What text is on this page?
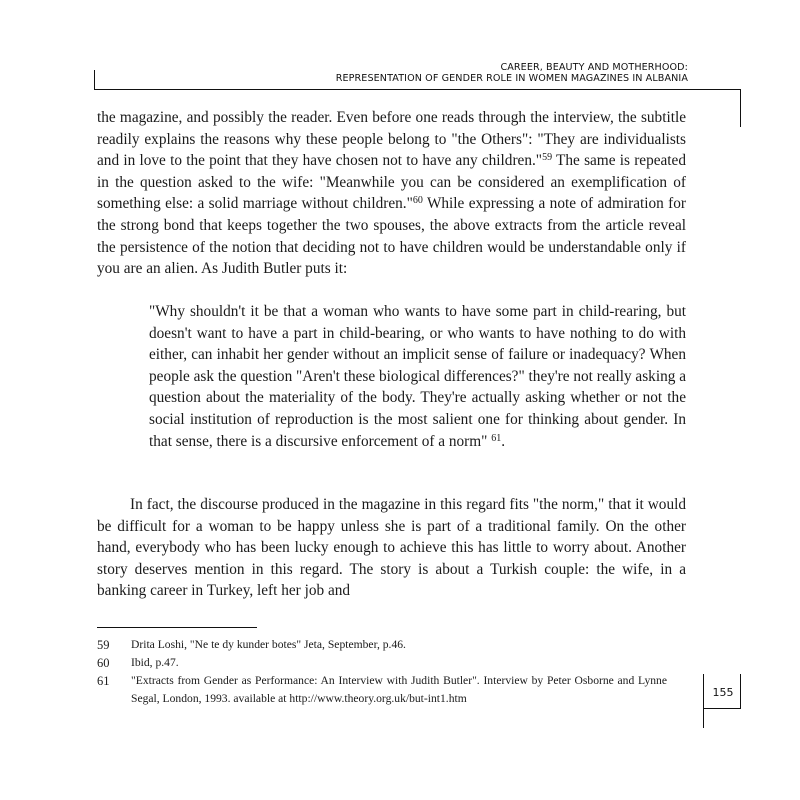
CAREER, BEAUTY AND MOTHERHOOD:
REPRESENTATION OF GENDER ROLE IN WOMEN MAGAZINES IN ALBANIA

the magazine, and possibly the reader. Even before one reads through the interview, the subtitle readily explains the reasons why these people belong to "the Others": "They are individualists and in love to the point that they have chosen not to have any children."$^{59}$ The same is repeated in the question asked to the wife: "Meanwhile you can be considered an exemplification of something else: a solid marriage without children."$^{60}$ While expressing a note of admiration for the strong bond that keeps together the two spouses, the above extracts from the article reveal the persistence of the notion that deciding not to have children would be understandable only if you are an alien. As Judith Butler puts it:

"Why shouldn't it be that a woman who wants to have some part in child-rearing, but doesn't want to have a part in child-bearing, or who wants to have nothing to do with either, can inhabit her gender without an implicit sense of failure or inadequacy? When people ask the question "Aren't these biological differences?" they're not really asking a question about the materiality of the body. They're actually asking whether or not the social institution of reproduction is the most salient one for thinking about gender. In that sense, there is a discursive enforcement of a norm" $^{61}$.
In fact, the discourse produced in the magazine in this regard fits "the norm," that it would be difficult for a woman to be happy unless she is part of a traditional family. On the other hand, everybody who has been lucky enough to achieve this has little to worry about. Another story deserves mention in this regard. The story is about a Turkish couple: the wife, in a banking career in Turkey, left her job and
59	Drita Loshi, "Ne te dy kunder botes" Jeta, September, p.46.
60	Ibid, p.47.
61	"Extracts from Gender as Performance: An Interview with Judith Butler". Interview by Peter Osborne and Lynne Segal, London, 1993. available at http://www.theory.org.uk/but-int1.htm	155
